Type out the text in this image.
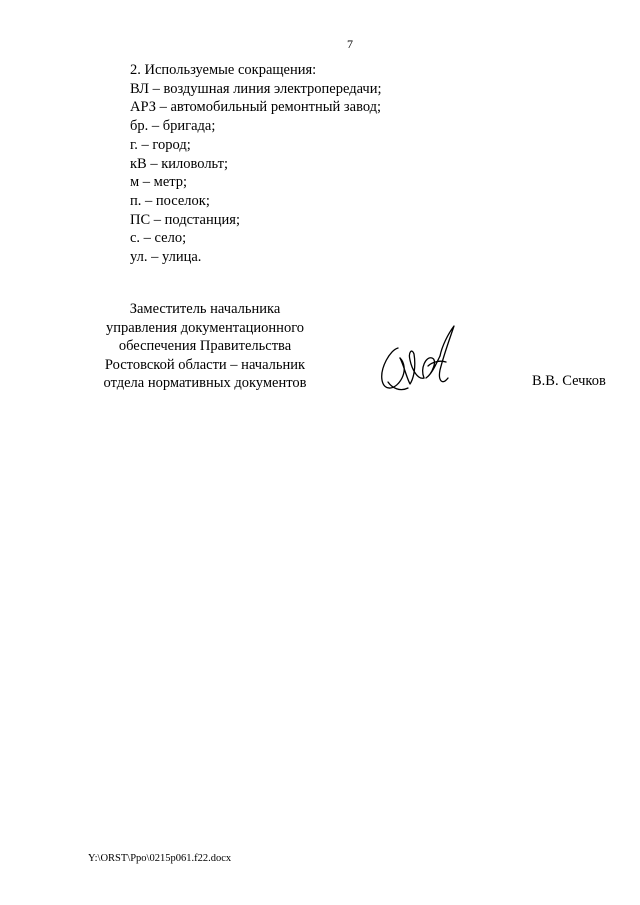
7
2. Используемые сокращения:
ВЛ – воздушная линия электропередачи;
АРЗ – автомобильный ремонтный завод;
бр. – бригада;
г. – город;
кВ – киловольт;
м – метр;
п. – поселок;
ПС – подстанция;
с. – село;
ул. – улица.
Заместитель начальника
управления документационного
обеспечения Правительства
Ростовской области – начальник
отдела нормативных документов	В.В. Сечков
Y:\ORST\Ppo\0215p061.f22.docx
